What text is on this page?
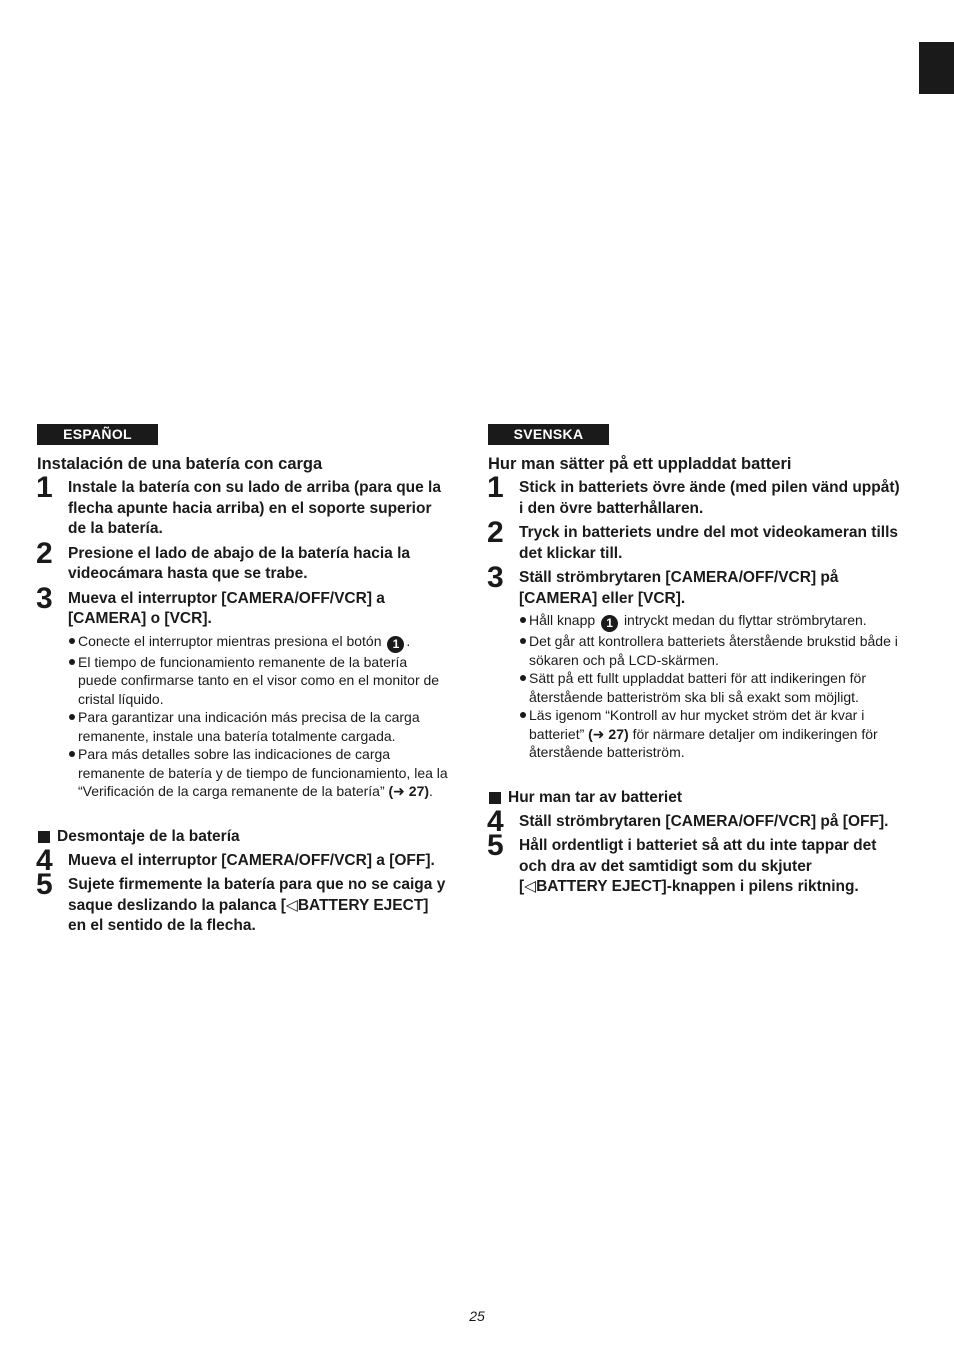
ESPAÑOL
Instalación de una batería con carga
1 Instale la batería con su lado de arriba (para que la flecha apunte hacia arriba) en el soporte superior de la batería.
2 Presione el lado de abajo de la batería hacia la videocámara hasta que se trabe.
3 Mueva el interruptor [CAMERA/OFF/VCR] a [CAMERA] o [VCR].
Conecte el interruptor mientras presiona el botón 1 .
El tiempo de funcionamiento remanente de la batería puede confirmarse tanto en el visor como en el monitor de cristal líquido.
Para garantizar una indicación más precisa de la carga remanente, instale una batería totalmente cargada.
Para más detalles sobre las indicaciones de carga remanente de batería y de tiempo de funcionamiento, lea la “Verificación de la carga remanente de la batería” (➜ 27).
Desmontaje de la batería
4 Mueva el interruptor [CAMERA/OFF/VCR] a [OFF].
5 Sujete firmemente la batería para que no se caiga y saque deslizando la palanca [◁BATTERY EJECT] en el sentido de la flecha.
SVENSKA
Hur man sätter på ett uppladdat batteri
1 Stick in batteriets övre ände (med pilen vänd uppåt) i den övre batterhållaren.
2 Tryck in batteriets undre del mot videokameran tills det klickar till.
3 Ställ strömbrytaren [CAMERA/OFF/VCR] på [CAMERA] eller [VCR].
Håll knapp 1 intryckt medan du flyttar strömbrytaren.
Det går att kontrollera batteriets återstående brukstid både i sökaren och på LCD-skärmen.
Sätt på ett fullt uppladdat batteri för att indikeringen för återstående batteriström ska bli så exakt som möjligt.
Läs igenom “Kontroll av hur mycket ström det är kvar i batteriet” (➜ 27) för närmare detaljer om indikeringen för återstående batteriström.
Hur man tar av batteriet
4 Ställ strömbrytaren [CAMERA/OFF/VCR] på [OFF].
5 Håll ordentligt i batteriet så att du inte tappar det och dra av det samtidigt som du skjuter [◁BATTERY EJECT]-knappen i pilens riktning.
25
